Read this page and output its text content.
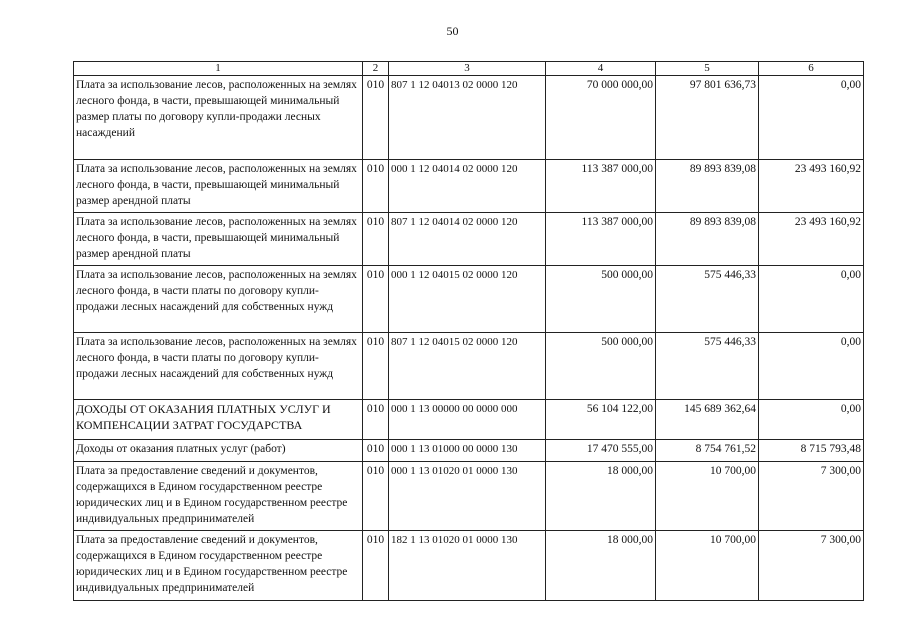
50
1	2	3	4	5	6
Плата за использование лесов, расположенных на землях лесного фонда, в части, превышающей минимальный размер платы по договору купли-продажи лесных насаждений	010	807 1 12 04013 02 0000 120	70 000 000,00	97 801 636,73	0,00
Плата за использование лесов, расположенных на землях лесного фонда, в части, превышающей минимальный размер арендной платы	010	000 1 12 04014 02 0000 120	113 387 000,00	89 893 839,08	23 493 160,92
Плата за использование лесов, расположенных на землях лесного фонда, в части, превышающей минимальный размер арендной платы	010	807 1 12 04014 02 0000 120	113 387 000,00	89 893 839,08	23 493 160,92
Плата за использование лесов, расположенных на землях лесного фонда, в части платы по договору купли-продажи лесных насаждений для собственных нужд	010	000 1 12 04015 02 0000 120	500 000,00	575 446,33	0,00
Плата за использование лесов, расположенных на землях лесного фонда, в части платы по договору купли-продажи лесных насаждений для собственных нужд	010	807 1 12 04015 02 0000 120	500 000,00	575 446,33	0,00
ДОХОДЫ ОТ ОКАЗАНИЯ ПЛАТНЫХ УСЛУГ И КОМПЕНСАЦИИ ЗАТРАТ ГОСУДАРСТВА	010	000 1 13 00000 00 0000 000	56 104 122,00	145 689 362,64	0,00
Доходы от оказания платных услуг (работ)	010	000 1 13 01000 00 0000 130	17 470 555,00	8 754 761,52	8 715 793,48
Плата за предоставление сведений и документов, содержащихся в Едином государственном реестре юридических лиц и в Едином государственном реестре индивидуальных предпринимателей	010	000 1 13 01020 01 0000 130	18 000,00	10 700,00	7 300,00
Плата за предоставление сведений и документов, содержащихся в Едином государственном реестре юридических лиц и в Едином государственном реестре индивидуальных предпринимателей	010	182 1 13 01020 01 0000 130	18 000,00	10 700,00	7 300,00
